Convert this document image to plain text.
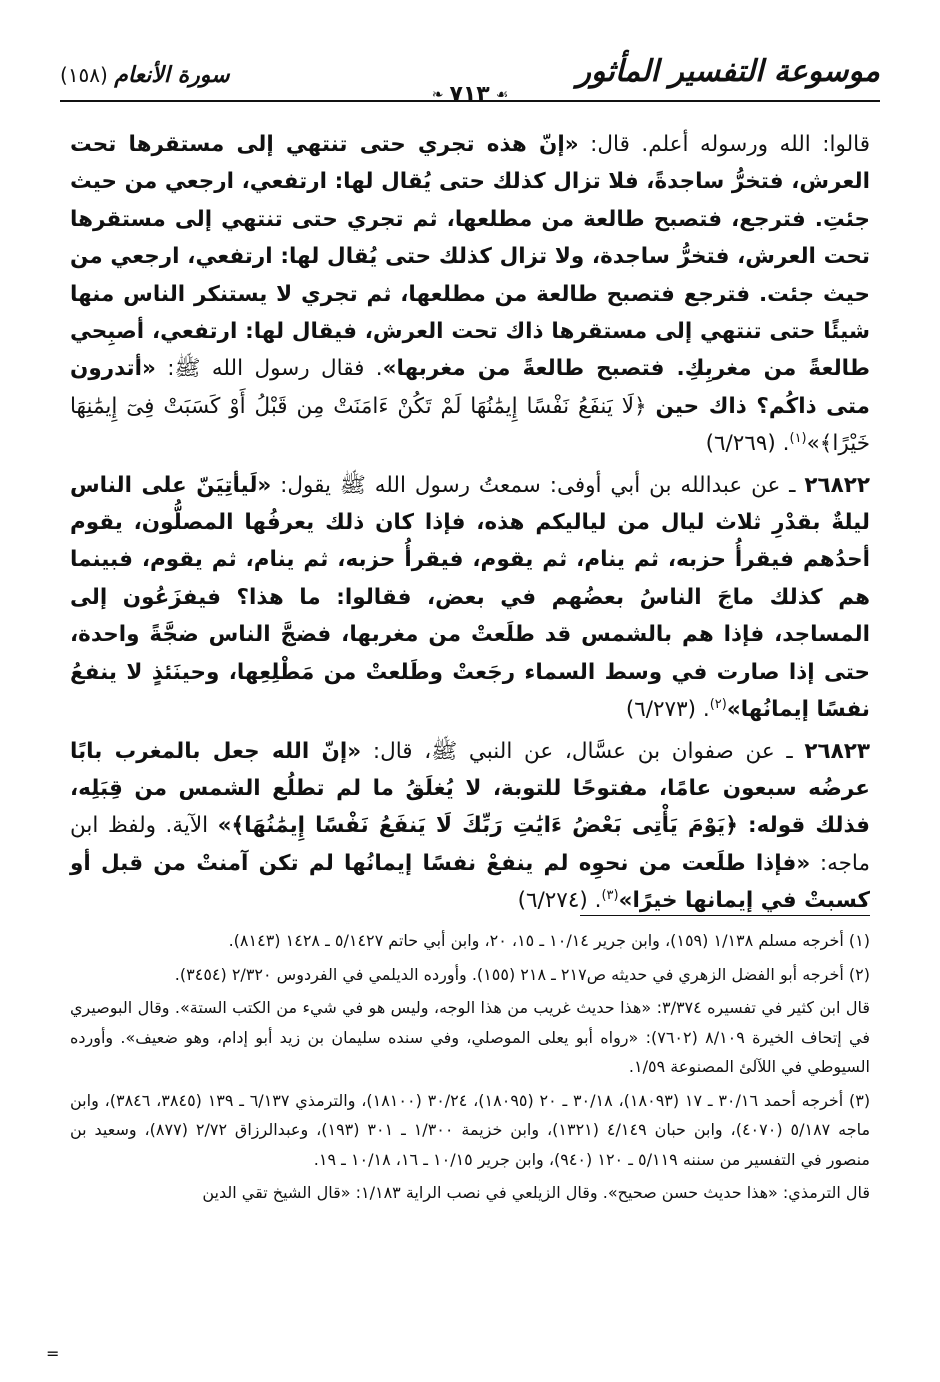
موسوعة التفسير المأثور
سورة الأنعام (١٥٨)
❧ ٧١٣ ☙

قالوا: الله ورسوله أعلم. قال: «إنّ هذه تجري حتى تنتهي إلى مستقرها تحت العرش، فتخرُّ ساجدةً، فلا تزال كذلك حتى يُقال لها: ارتفعي، ارجعي من حيث جئتِ. فترجع، فتصبح طالعة من مطلعها، ثم تجري حتى تنتهي إلى مستقرها تحت العرش، فتخرُّ ساجدة، ولا تزال كذلك حتى يُقال لها: ارتفعي، ارجعي من حيث جئت. فترجع فتصبح طالعة من مطلعها، ثم تجري لا يستنكر الناس منها شيئًا حتى تنتهي إلى مستقرها ذاك تحت العرش، فيقال لها: ارتفعي، أصبِحي طالعةً من مغربِكِ. فتصبح طالعةً من مغربها». فقال رسول الله ﷺ: «أتدرون متى ذاكُم؟ ذاك حين ﴿لَا يَنفَعُ نَفْسًا إِيمَٰنُهَا لَمْ تَكُنْ ءَامَنَتْ مِن قَبْلُ أَوْ كَسَبَتْ فِىٓ إِيمَٰنِهَا خَيْرًا﴾»$^{(١)}$. (٦/٢٦٩)

٢٦٨٢٢ ـ عن عبدالله بن أبي أوفى: سمعتُ رسول الله ﷺ يقول: «لَيأتِيَنّ على الناس ليلةٌ بقدْرِ ثلاث ليال من لياليكم هذه، فإذا كان ذلك يعرفُها المصلُّون، يقوم أحدُهم فيقرأُ حزبه، ثم ينام، ثم يقوم، فيقرأُ حزبه، ثم ينام، ثم يقوم، فبينما هم كذلك ماجَ الناسُ بعضُهم في بعض، فقالوا: ما هذا؟ فيفزَعُون إلى المساجد، فإذا هم بالشمس قد طلَعتْ من مغربها، فضجَّ الناس ضجَّةً واحدة، حتى إذا صارت في وسط السماء رجَعتْ وطَلعتْ من مَطْلِعِها، وحينَئذٍ لا ينفعُ نفسًا إيمانُها»$^{(٢)}$. (٦/٢٧٣)

٢٦٨٢٣ ـ عن صفوان بن عسَّال، عن النبي ﷺ، قال: «إنّ الله جعل بالمغرب بابًا عرضُه سبعون عامًا، مفتوحًا للتوبة، لا يُغلَقُ ما لم تطلُع الشمس من قِبَلِه، فذلك قوله: ﴿يَوْمَ يَأْتِى بَعْضُ ءَايَٰتِ رَبِّكَ لَا يَنفَعُ نَفْسًا إِيمَٰنُهَا﴾» الآية. ولفظ ابن ماجه: «فإذا طلَعت من نحوِه لم ينفعْ نفسًا إيمانُها لم تكن آمنتْ من قبل أو كسبتْ في إيمانها خيرًا»$^{(٣)}$. (٦/٢٧٤)

(١) أخرجه مسلم ١/١٣٨ (١٥٩)، وابن جرير ١٠/١٤ ـ ١٥، ٢٠، وابن أبي حاتم ٥/١٤٢٧ ـ ١٤٢٨ (٨١٤٣).

(٢) أخرجه أبو الفضل الزهري في حديثه ص٢١٧ ـ ٢١٨ (١٥٥). وأورده الديلمي في الفردوس ٢/٣٢٠ (٣٤٥٤).

قال ابن كثير في تفسيره ٣/٣٧٤: «هذا حديث غريب من هذا الوجه، وليس هو في شيء من الكتب الستة». وقال البوصيري في إتحاف الخيرة ٨/١٠٩ (٧٦٠٢): «رواه أبو يعلى الموصلي، وفي سنده سليمان بن زيد أبو إدام، وهو ضعيف». وأورده السيوطي في اللآلئ المصنوعة ١/٥٩.

(٣) أخرجه أحمد ٣٠/١٦ ـ ١٧ (١٨٠٩٣)، ٣٠/١٨ ـ ٢٠ (١٨٠٩٥)، ٣٠/٢٤ (١٨١٠٠)، والترمذي ٦/١٣٧ ـ ١٣٩ (٣٨٤٥، ٣٨٤٦)، وابن ماجه ٥/١٨٧ (٤٠٧٠)، وابن حبان ٤/١٤٩ (١٣٢١)، وابن خزيمة ١/٣٠٠ ـ ٣٠١ (١٩٣)، وعبدالرزاق ٢/٧٢ (٨٧٧)، وسعيد بن منصور في التفسير من سننه ٥/١١٩ ـ ١٢٠ (٩٤٠)، وابن جرير ١٠/١٥ ـ ١٦، ١٠/١٨ ـ ١٩.

قال الترمذي: «هذا حديث حسن صحيح». وقال الزيلعي في نصب الراية ١/١٨٣: «قال الشيخ تقي الدين

=
